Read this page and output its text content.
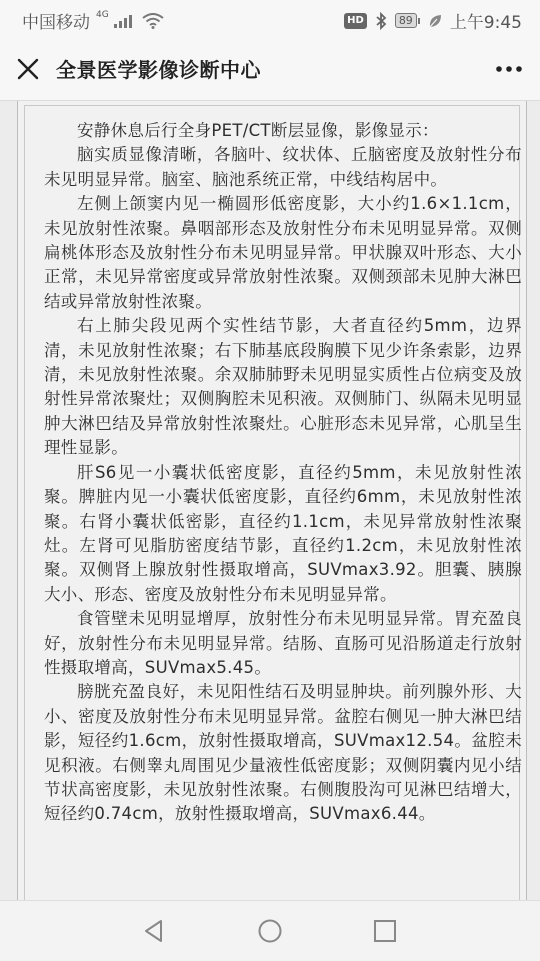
中国移动 4G	HD	89 上午9:45
全景医学影像诊断中心

安静休息后行全身PET/CT断层显像，影像显示：

脑实质显像清晰，各脑叶、纹状体、丘脑密度及放射性分布未见明显异常。脑室、脑池系统正常，中线结构居中。

左侧上颌窦内见一椭圆形低密度影，大小约1.6×1.1cm，未见放射性浓聚。鼻咽部形态及放射性分布未见明显异常。双侧扁桃体形态及放射性分布未见明显异常。甲状腺双叶形态、大小正常，未见异常密度或异常放射性浓聚。双侧颈部未见肿大淋巴结或异常放射性浓聚。

右上肺尖段见两个实性结节影，大者直径约5mm，边界清，未见放射性浓聚；右下肺基底段胸膜下见少许条索影，边界清，未见放射性浓聚。余双肺肺野未见明显实质性占位病变及放射性异常浓聚灶；双侧胸腔未见积液。双侧肺门、纵隔未见明显肿大淋巴结及异常放射性浓聚灶。心脏形态未见异常，心肌呈生理性显影。

肝S6见一小囊状低密度影，直径约5mm，未见放射性浓聚。脾脏内见一小囊状低密度影，直径约6mm，未见放射性浓聚。右肾小囊状低密影，直径约1.1cm，未见异常放射性浓聚灶。左肾可见脂肪密度结节影，直径约1.2cm，未见放射性浓聚。双侧肾上腺放射性摄取增高，SUVmax3.92。胆囊、胰腺大小、形态、密度及放射性分布未见明显异常。

食管壁未见明显增厚，放射性分布未见明显异常。胃充盈良好，放射性分布未见明显异常。结肠、直肠可见沿肠道走行放射性摄取增高，SUVmax5.45。

膀胱充盈良好，未见阳性结石及明显肿块。前列腺外形、大小、密度及放射性分布未见明显异常。盆腔右侧见一肿大淋巴结影，短径约1.6cm，放射性摄取增高，SUVmax12.54。盆腔未见积液。右侧睾丸周围见少量液性低密度影；双侧阴囊内见小结节状高密度影，未见放射性浓聚。右侧腹股沟可见淋巴结增大，短径约0.74cm，放射性摄取增高，SUVmax6.44。
